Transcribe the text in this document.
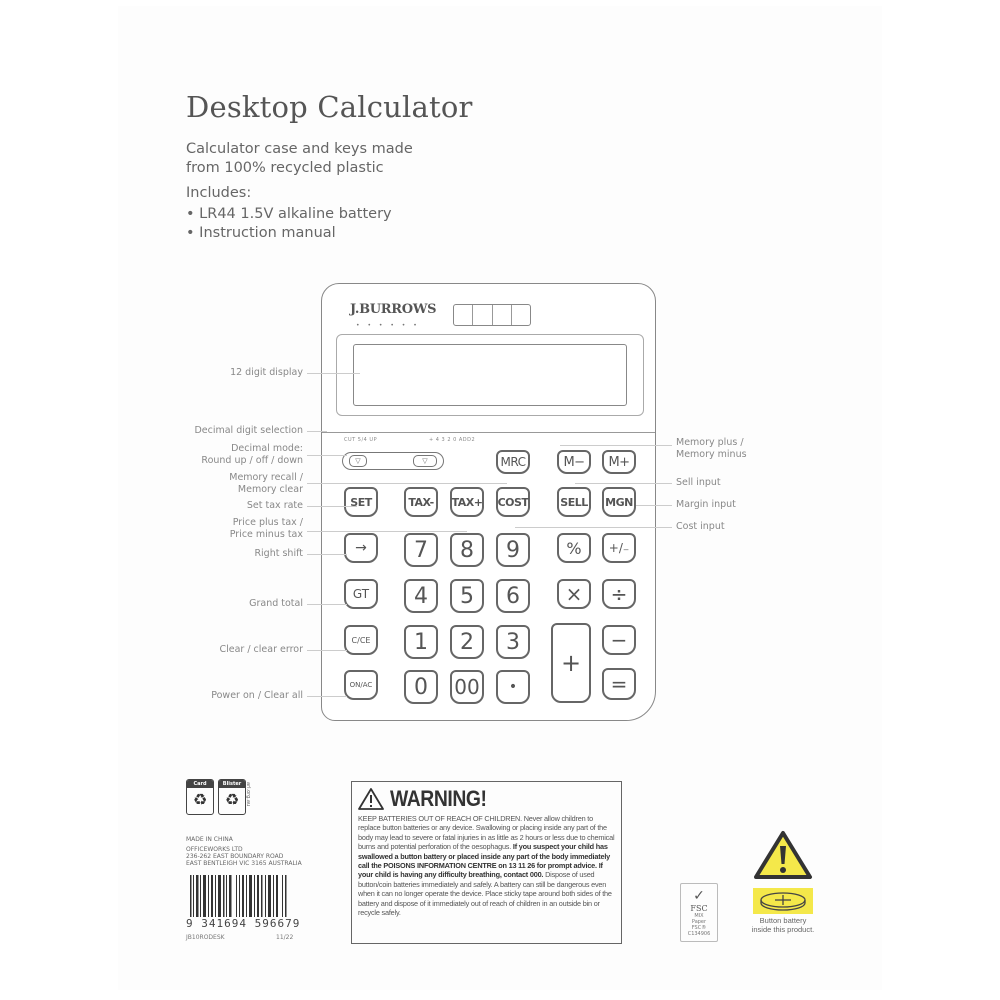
Desktop Calculator
Calculator case and keys made
from 100% recycled plastic
Includes:
• LR44 1.5V alkaline battery
• Instruction manual
J.BURROWS
• • • • • •
CUT 5/4 UP	+ 4 3 2 0 ADD2
▽	▽	MRC	M−	M+
SET	TAX-	TAX+ COST	SELL MGN
→	7	8	9	%	+/₋
GT	4	5	6	×	÷
C/CE	1	2	3
+
−
ON/AC	0	00	•	=
12 digit display
Decimal digit selection
Decimal mode:
Round up / off / down
Memory recall /
Memory clear
Set tax rate
Price plus tax /
Price minus tax
Right shift
Grand total
Clear / clear error
Power on / Clear all
Memory plus /
Memory minus
Sell input
Margin input
Cost input
Card
♻
Blister
♻	arl.org.au
MADE IN CHINA
OFFICEWORKS LTD
236-262 EAST BOUNDARY ROAD
EAST BENTLEIGH VIC 3165 AUSTRALIA
9 341694 596679
JB10RODESK	11/22
WARNING!
KEEP BATTERIES OUT OF REACH OF CHILDREN. Never allow children to replace button batteries or any device. Swallowing or placing inside any part of the body may lead to severe or fatal injuries in as little as 2 hours or less due to chemical burns and potential perforation of the oesophagus. If you suspect your child has swallowed a button battery or placed inside any part of the body immediately call the POISONS INFORMATION CENTRE on 13 11 26 for prompt advice. If your child is having any difficulty breathing, contact 000. Dispose of used button/coin batteries immediately and safely. A battery can still be dangerous even when it can no longer operate the device. Place sticky tape around both sides of the battery and dispose of it immediately out of reach of children in an outside bin or recycle safely.
✓
FSC
MIX
Paper
FSC® C134906
Button battery
inside this product.
